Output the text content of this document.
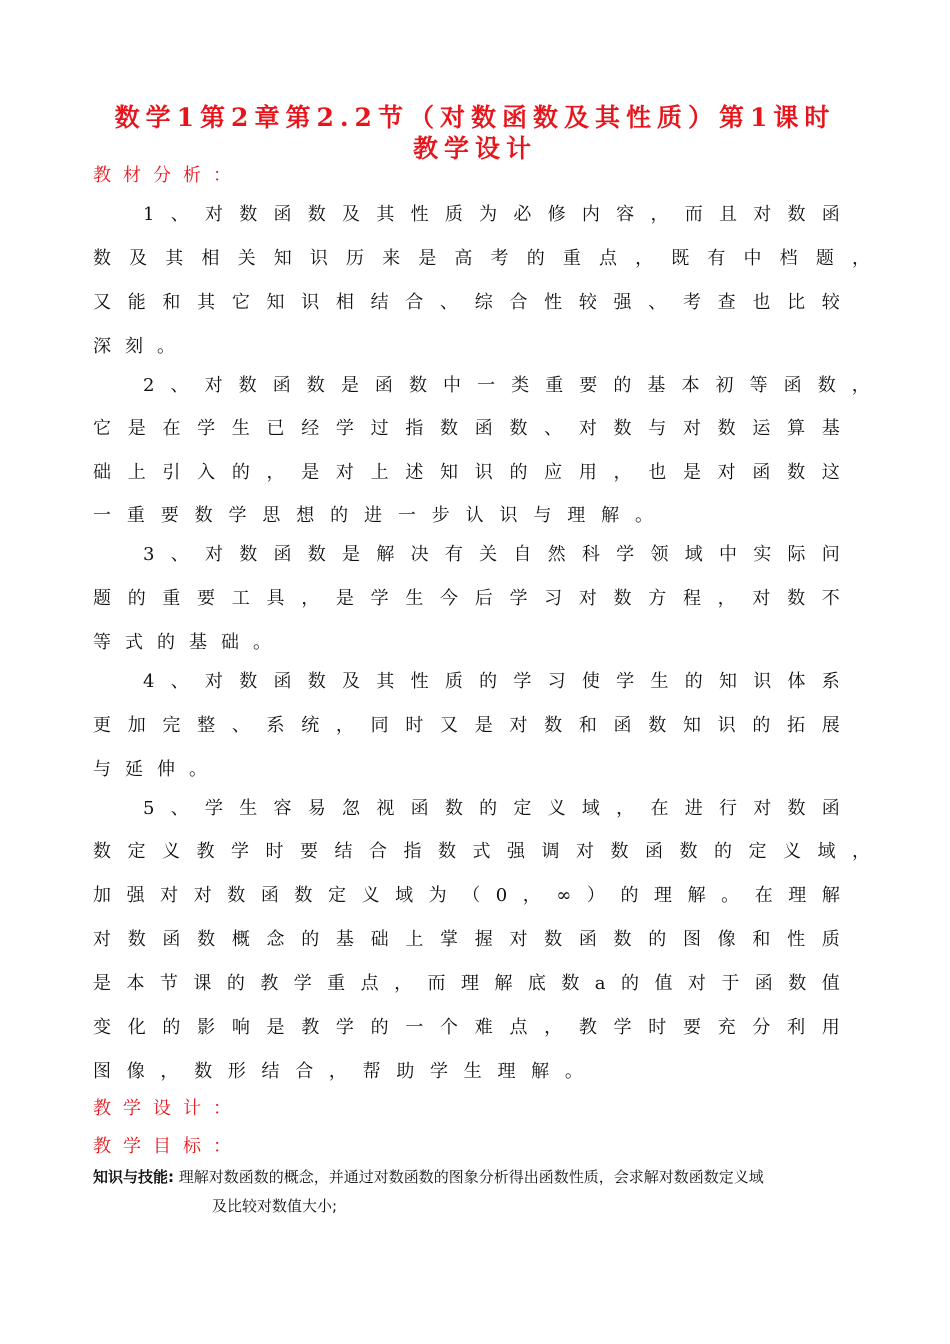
数学1第2章第2.2节（对数函数及其性质）第1课时
教学设计
教材分析：
1 、 对 数 函 数 及 其 性 质 为 必 修 内 容 ， 而 且 对 数 函
数 及 其 相 关 知 识 历 来 是 高 考 的 重 点 ， 既 有 中 档 题 ，
又 能 和 其 它 知 识 相 结 合 、 综 合 性 较 强 、 考 查 也 比 较
深 刻 。
2 、 对 数 函 数 是 函 数 中 一 类 重 要 的 基 本 初 等 函 数 ，
它 是 在 学 生 已 经 学 过 指 数 函 数 、 对 数 与 对 数 运 算 基
础 上 引 入 的 ， 是 对 上 述 知 识 的 应 用 ， 也 是 对 函 数 这
一 重 要 数 学 思 想 的 进 一 步 认 识 与 理 解 。
3 、 对 数 函 数 是 解 决 有 关 自 然 科 学 领 域 中 实 际 问
题 的 重 要 工 具 ， 是 学 生 今 后 学 习 对 数 方 程 ， 对 数 不
等 式 的 基 础 。
4 、 对 数 函 数 及 其 性 质 的 学 习 使 学 生 的 知 识 体 系
更 加 完 整 、 系 统 ， 同 时 又 是 对 数 和 函 数 知 识 的 拓 展
与 延 伸 。
5 、 学 生 容 易 忽 视 函 数 的 定 义 域 ， 在 进 行 对 数 函
数 定 义 教 学 时 要 结 合 指 数 式 强 调 对 数 函 数 的 定 义 域 ，
加 强 对 对 数 函 数 定 义 域 为 （ 0 ， ∞ ） 的 理 解 。 在 理 解
对 数 函 数 概 念 的 基 础 上 掌 握 对 数 函 数 的 图 像 和 性 质
是 本 节 课 的 教 学 重 点 ， 而 理 解 底 数 a 的 值 对 于 函 数 值
变 化 的 影 响 是 教 学 的 一 个 难 点 ， 教 学 时 要 充 分 利 用
图 像 ， 数 形 结 合 ， 帮 助 学 生 理 解 。
教学设计：
教学目标：
知识与技能: 理解对数函数的概念，并通过对数函数的图象分析得出函数性质，会求解对数函数定义域
及比较对数值大小;
